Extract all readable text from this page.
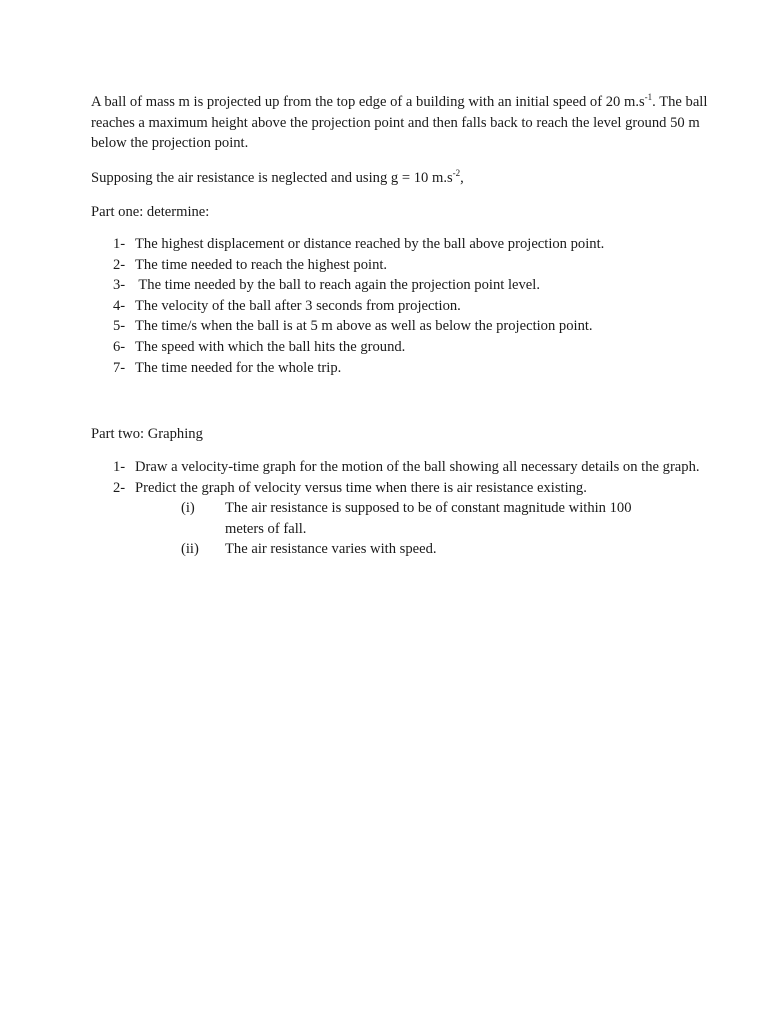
A ball of mass m is projected up from the top edge of a building with an initial speed of 20 $m.s^{-1}$. The ball reaches a maximum height above the projection point and then falls back to reach the level ground 50 m below the projection point.

Supposing the air resistance is neglected and using g = 10 $m.s^{-2}$,

Part one: determine:

1- The highest displacement or distance reached by the ball above projection point.
2- The time needed to reach the highest point.
3- The time needed by the ball to reach again the projection point level.
4- The velocity of the ball after 3 seconds from projection.
5- The time/s when the ball is at 5 m above as well as below the projection point.
6- The speed with which the ball hits the ground.
7- The time needed for the whole trip.

Part two: Graphing

1- Draw a velocity-time graph for the motion of the ball showing all necessary details on the graph.
2- Predict the graph of velocity versus time when there is air resistance existing.
(i) The air resistance is supposed to be of constant magnitude within 100 meters of fall.
(ii) The air resistance varies with speed.
